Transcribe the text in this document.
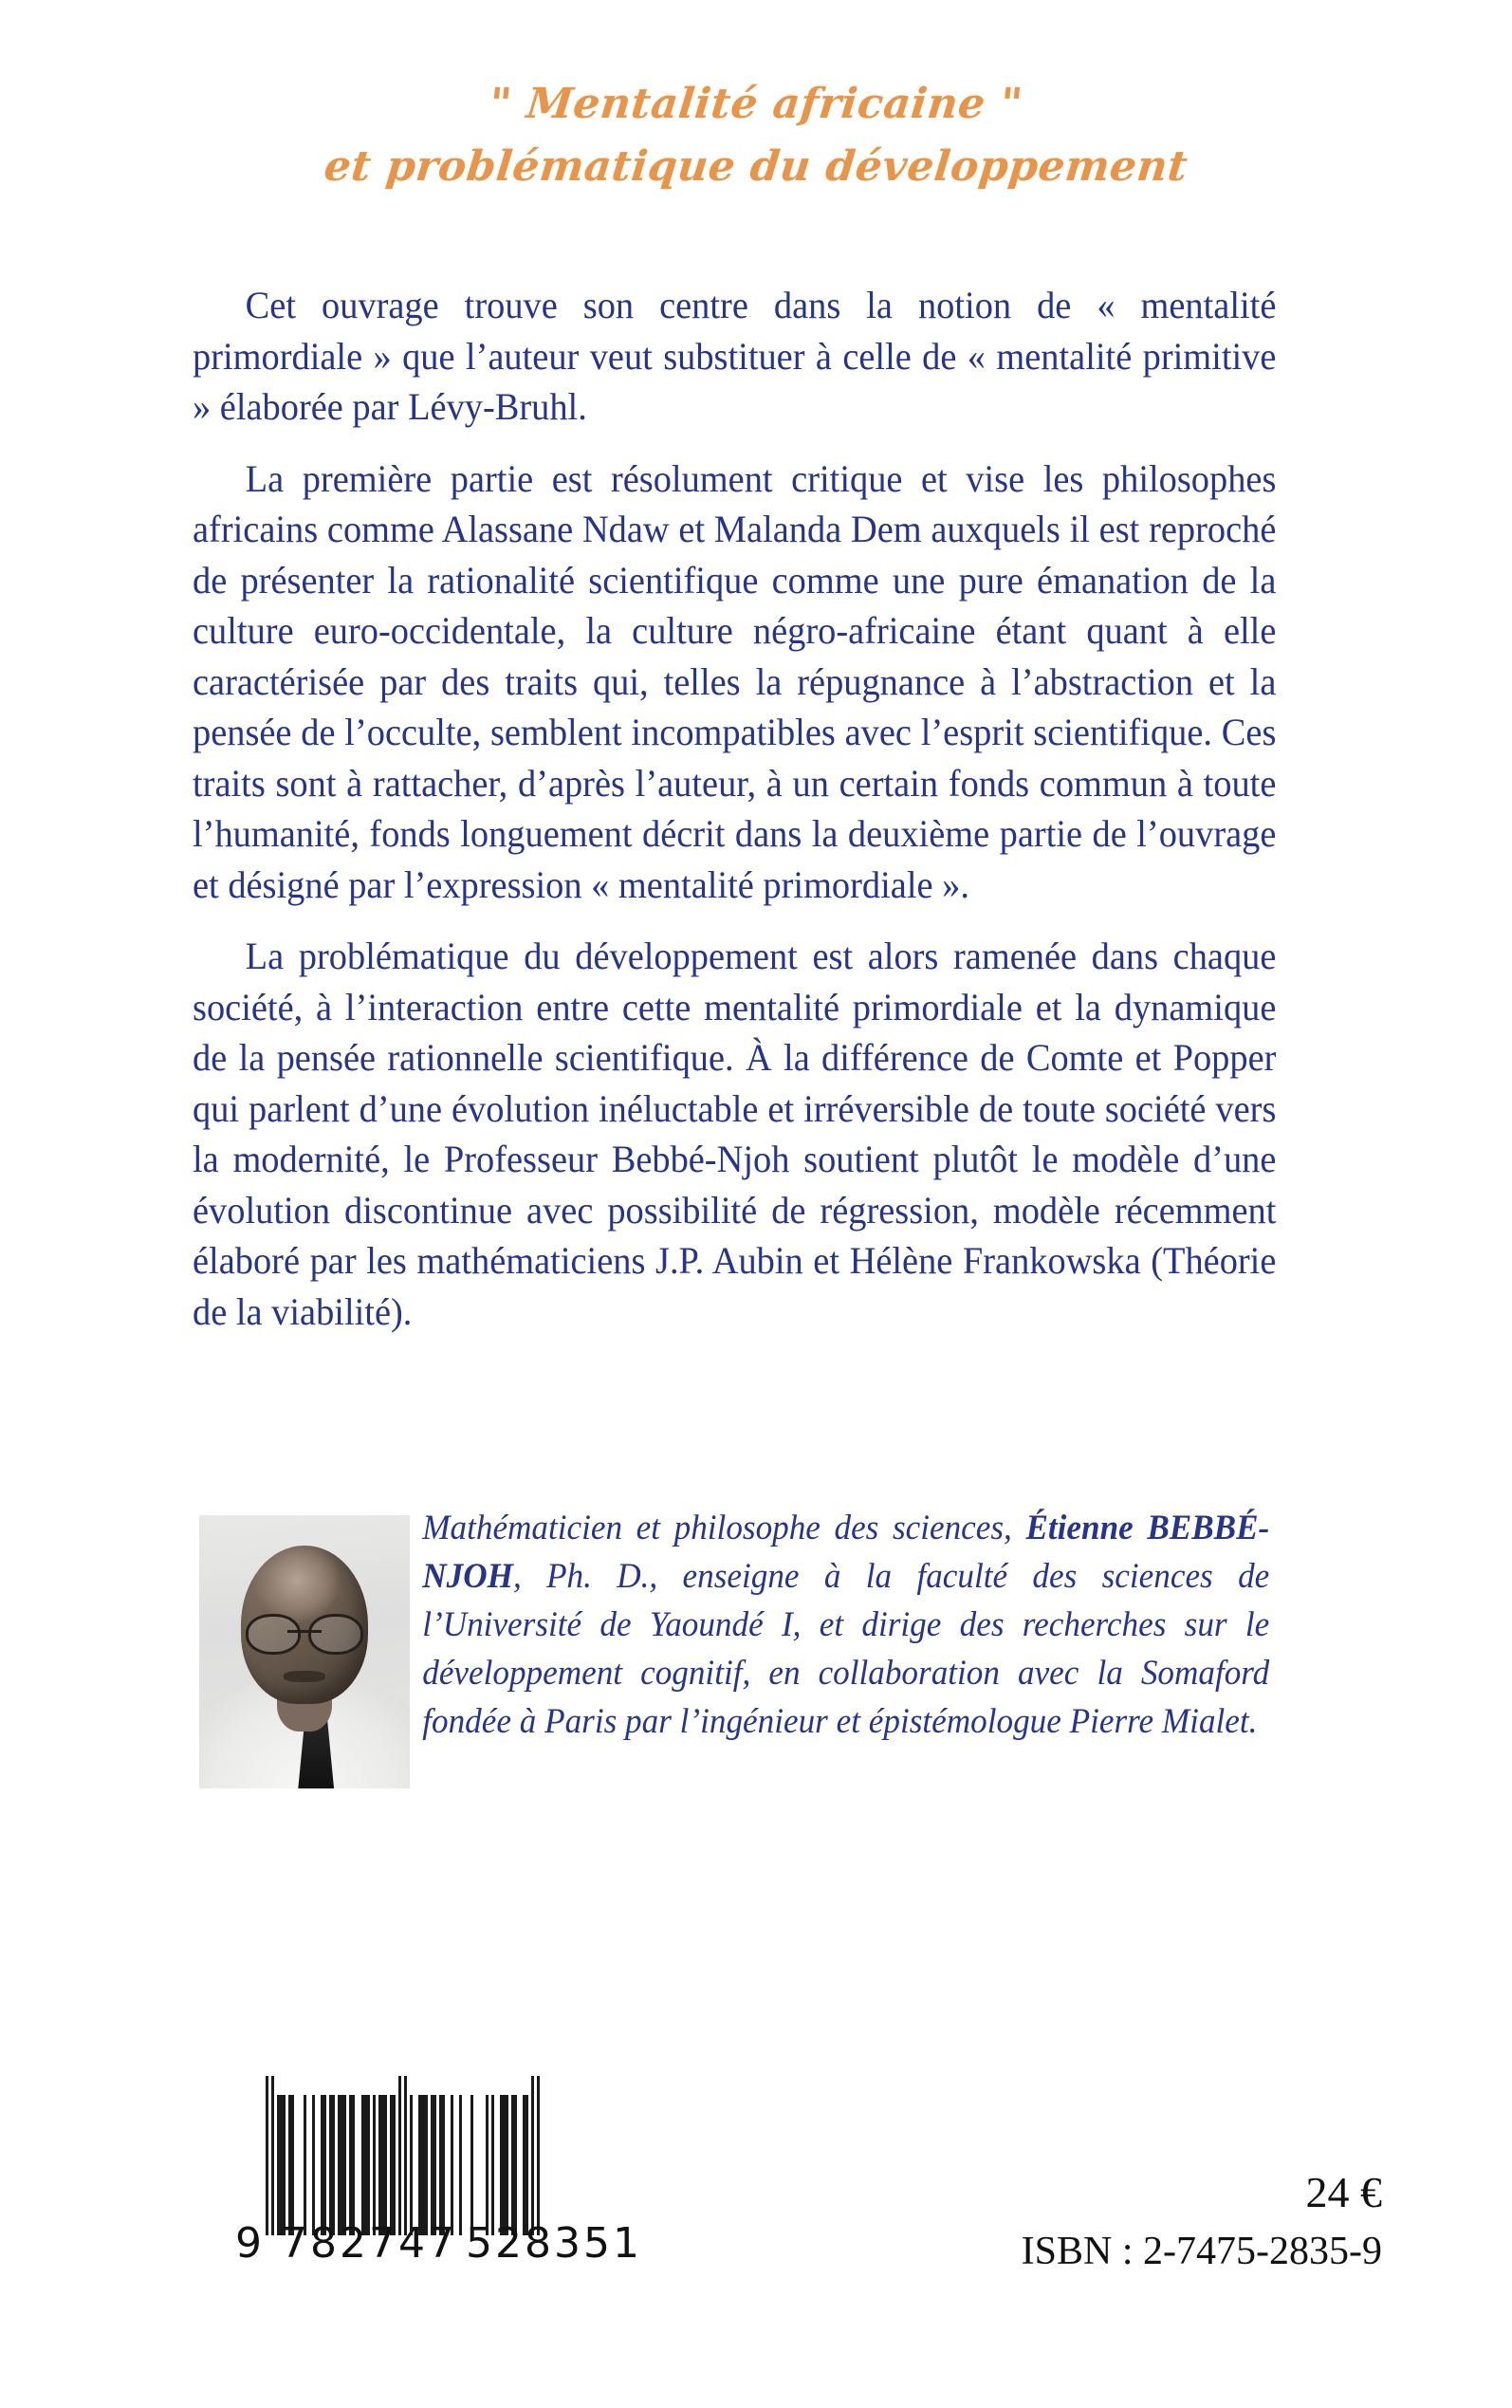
" Mentalité africaine "
et problématique du développement

Cet ouvrage trouve son centre dans la notion de « mentalité primordiale » que l’auteur veut substituer à celle de « mentalité primitive » élaborée par Lévy-Bruhl.

La première partie est résolument critique et vise les philosophes africains comme Alassane Ndaw et Malanda Dem auxquels il est reproché de présenter la rationalité scientifique comme une pure émanation de la culture euro-occidentale, la culture négro-africaine étant quant à elle caractérisée par des traits qui, telles la répugnance à l’abstraction et la pensée de l’occulte, semblent incompatibles avec l’esprit scientifique. Ces traits sont à rattacher, d’après l’auteur, à un certain fonds commun à toute l’humanité, fonds longuement décrit dans la deuxième partie de l’ouvrage et désigné par l’expression « mentalité primordiale ».

La problématique du développement est alors ramenée dans chaque société, à l’interaction entre cette mentalité primordiale et la dynamique de la pensée rationnelle scientifique. À la différence de Comte et Popper qui parlent d’une évolution inéluctable et irréversible de toute société vers la modernité, le Professeur Bebbé-Njoh soutient plutôt le modèle d’une évolution discontinue avec possibilité de régression, modèle récemment élaboré par les mathématiciens J.P. Aubin et Hélène Frankowska (Théorie de la viabilité).

Mathématicien et philosophe des sciences, Étienne BEBBÉ-NJOH, Ph. D., enseigne à la faculté des sciences de l’Université de Yaoundé I, et dirige des recherches sur le développement cognitif, en collaboration avec la Somaford fondée à Paris par l’ingénieur et épistémologue Pierre Mialet.
9 782747 528351
24 €
ISBN : 2-7475-2835-9
